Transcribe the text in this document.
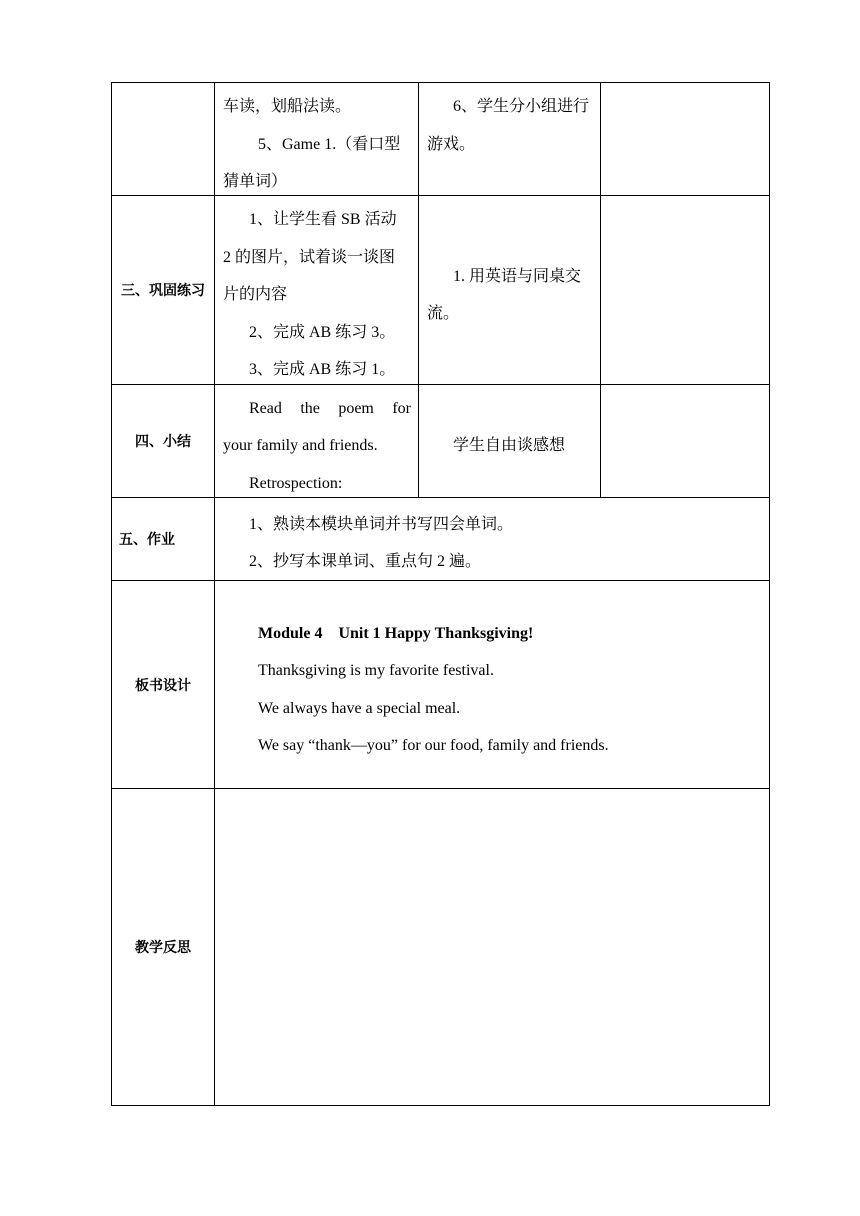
车读，划船法读。
5、Game 1.（看口型
猜单词）
6、学生分小组进行
游戏。
三、巩固练习
1、让学生看 SB 活动
2 的图片，试着谈一谈图
片的内容
2、完成 AB 练习 3。
3、完成 AB 练习 1。
1. 用英语与同桌交
流。
四、小结
Read the poem for
your family and friends.
Retrospection:
学生自由谈感想
五、作业
1、熟读本模块单词并书写四会单词。
2、抄写本课单词、重点句 2 遍。
板书设计
Module 4    Unit 1 Happy Thanksgiving!
Thanksgiving is my favorite festival.
We always have a special meal.
We say “thank—you” for our food, family and friends.
教学反思
